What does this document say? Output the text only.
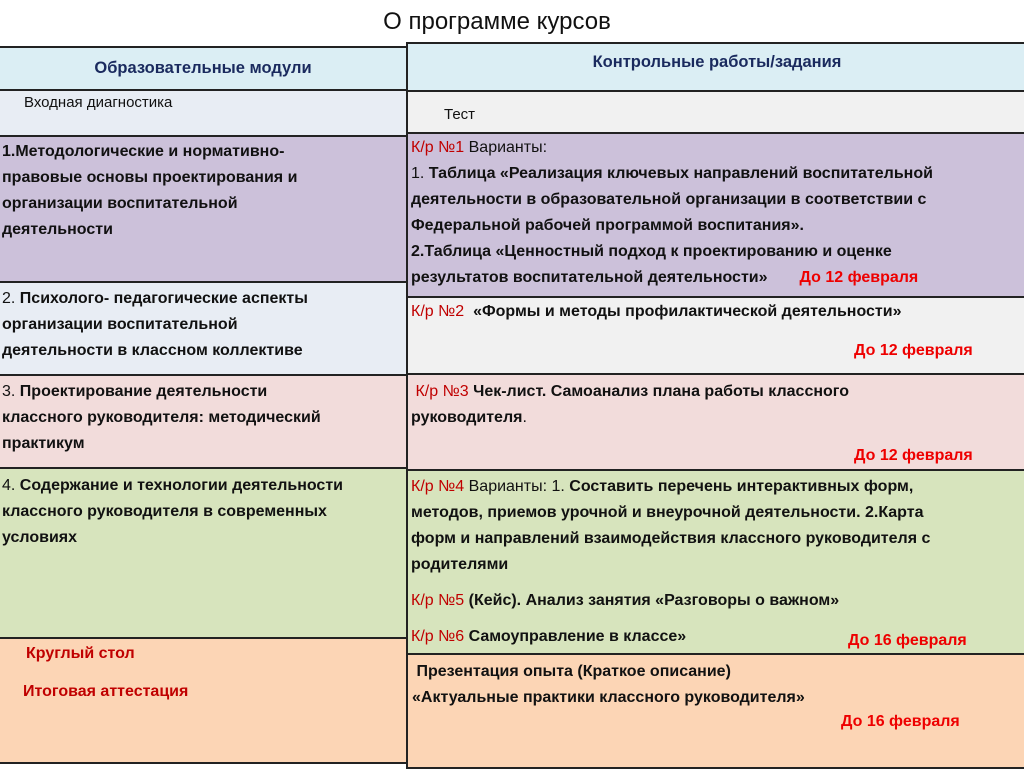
О программе курсов
Образовательные модули
Входная диагностика
1.Методологические и нормативно-
правовые основы проектирования и
организации воспитательной
деятельности
2. Психолого- педагогические аспекты
организации воспитательной
деятельности в классном коллективе
3. Проектирование деятельности
классного руководителя: методический
практикум
4. Содержание и технологии деятельности
классного руководителя в современных
условиях
Круглый стол
Итоговая аттестация
Контрольные работы/задания
Тест
К/р №1 Варианты:
1. Таблица «Реализация ключевых направлений воспитательной
деятельности в образовательной организации в соответствии с
Федеральной рабочей программой воспитания».
2.Таблица «Ценностный подход к проектированию и оценке
результатов воспитательной деятельности» До 12 февраля
К/р №2 «Формы и методы профилактической деятельности»
До 12 февраля
К/р №3 Чек-лист. Самоанализ плана работы классного
руководителя.
До 12 февраля
К/р №4 Варианты: 1. Составить перечень интерактивных форм,
методов, приемов урочной и внеурочной деятельности. 2.Карта
форм и направлений взаимодействия классного руководителя с
родителями
К/р №5 (Кейс). Анализ занятия «Разговоры о важном»
К/р №6 Самоуправление в классе»	До 16 февраля
Презентация опыта (Краткое описание)
«Актуальные практики классного руководителя»
До 16 февраля
